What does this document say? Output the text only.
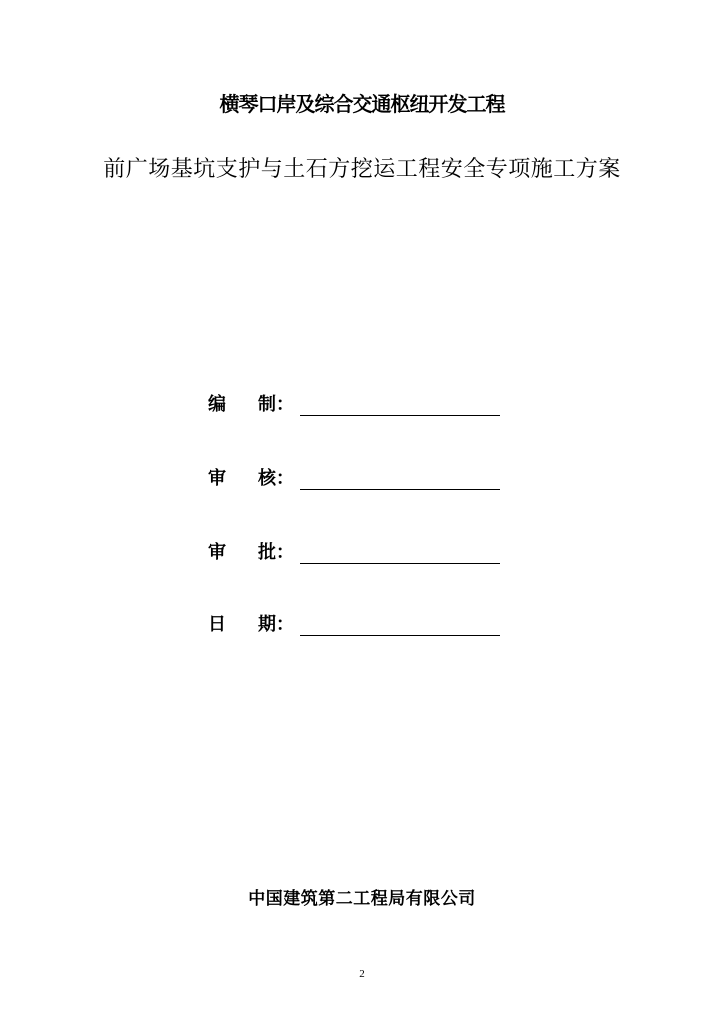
横琴口岸及综合交通枢纽开发工程
前广场基坑支护与土石方挖运工程安全专项施工方案
编	制：
审	核：
审	批：
日	期：
中国建筑第二工程局有限公司
2
